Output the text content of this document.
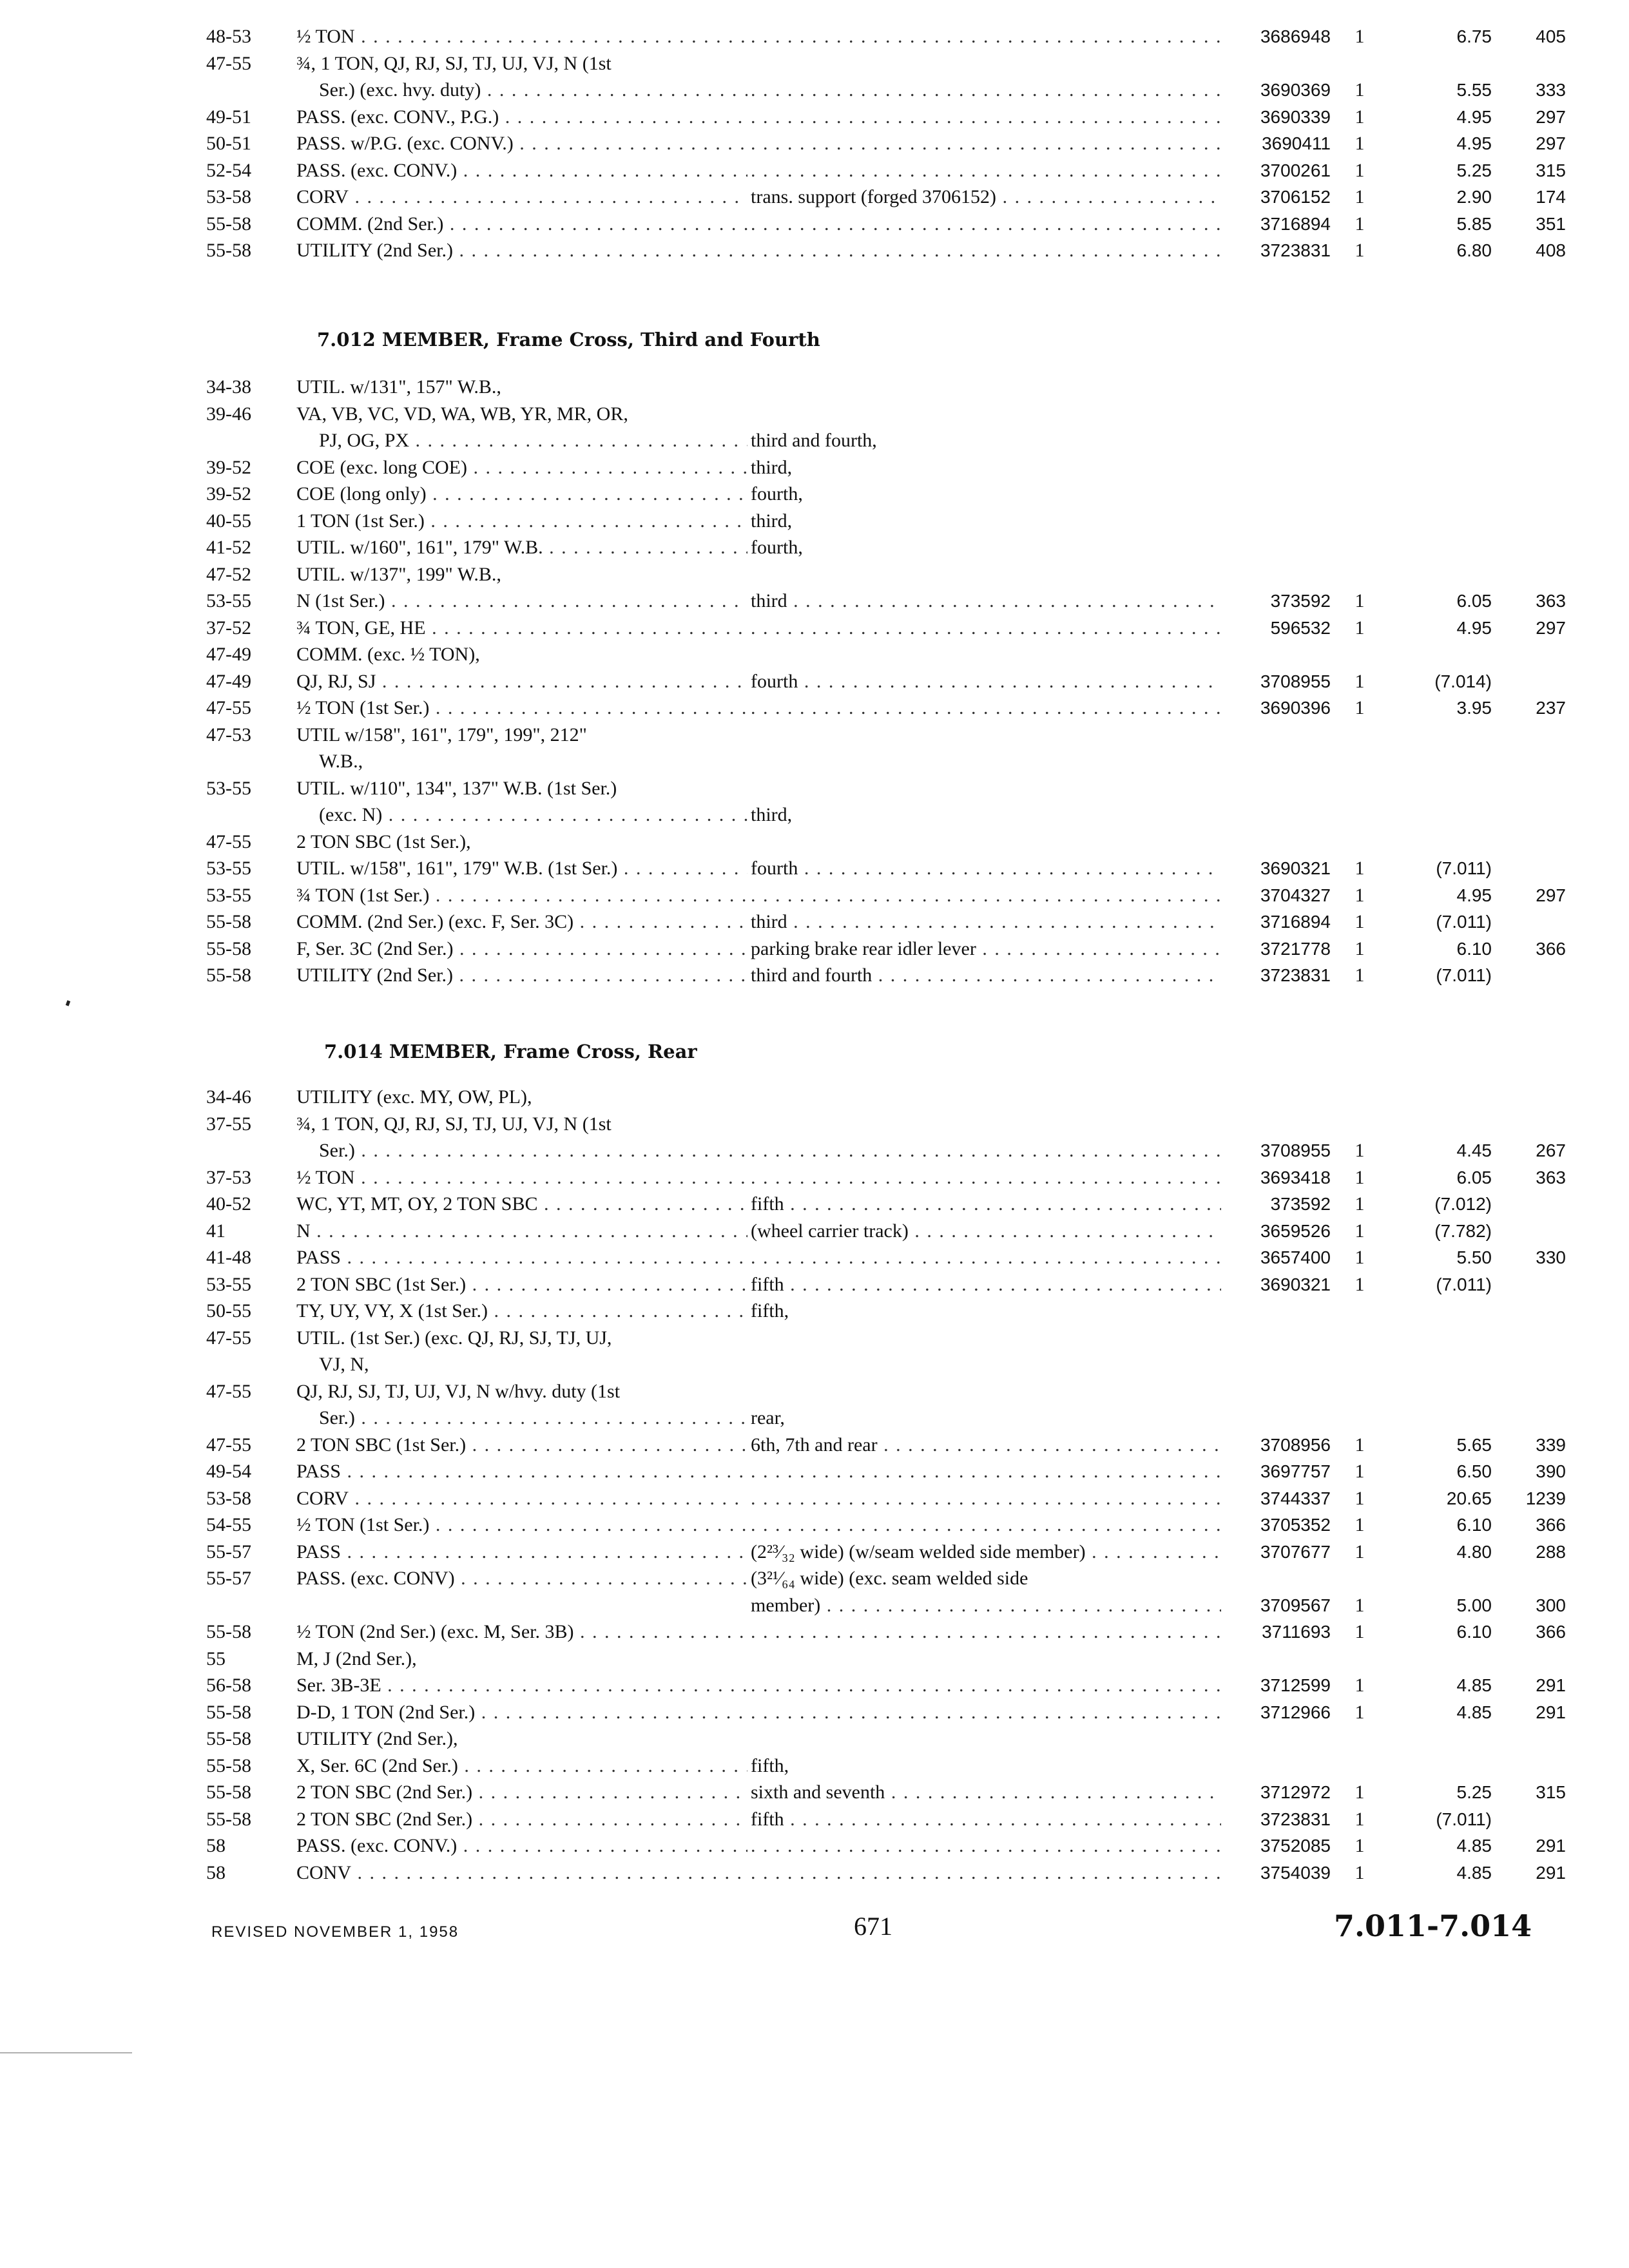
48-53	½ TON . . . . . .	3686948	1	6.75	405
47-55	¾, 1 TON, QJ, RJ, SJ, TJ, UJ, VJ, N (1st
Ser.) (exc. hvy. duty) . . . . . .	3690369	1	5.55	333
49-51	PASS. (exc. CONV., P.G.) . . . . . .	3690339	1	4.95	297
50-51	PASS. w/P.G. (exc. CONV.) . . . . . .	3690411	1	4.95	297
52-54	PASS. (exc. CONV.) . . . . . .	3700261	1	5.25	315
53-58	CORV . . .	trans. support (forged 3706152) . . .	3706152	1	2.90	174
55-58	COMM. (2nd Ser.) . . . . . .	3716894	1	5.85	351
55-58	UTILITY (2nd Ser.) . . . . . .	3723831	1	6.80	408
7.012 MEMBER, Frame Cross, Third and Fourth
34-38	UTIL. w/131", 157" W.B.,
39-46	VA, VB, VC, VD, WA, WB, YR, MR, OR,
PJ, OG, PX . . .	third and fourth,
39-52	COE (exc. long COE) . . .	third,
39-52	COE (long only) . . .	fourth,
40-55	1 TON (1st Ser.) . . .	third,
41-52	UTIL. w/160", 161", 179" W.B. . . .	fourth,
47-52	UTIL. w/137", 199" W.B.,
53-55	N (1st Ser.) . . .	third . . .	373592	1	6.05	363
37-52	¾ TON, GE, HE . . . . . .	596532	1	4.95	297
47-49	COMM. (exc. ½ TON),
47-49	QJ, RJ, SJ . . .	fourth . . .	3708955	1	(7.014)
47-55	½ TON (1st Ser.) . . . . . .	3690396	1	3.95	237
47-53	UTIL w/158", 161", 179", 199", 212"
W.B.,
53-55	UTIL. w/110", 134", 137" W.B. (1st Ser.)
(exc. N) . . .	third,
47-55	2 TON SBC (1st Ser.),
53-55	UTIL. w/158", 161", 179" W.B. (1st Ser.) . . .	fourth . . .	3690321	1	(7.011)
53-55	¾ TON (1st Ser.) . . . . . .	3704327	1	4.95	297
55-58	COMM. (2nd Ser.) (exc. F, Ser. 3C) . . .	third . . .	3716894	1	(7.011)
55-58	F, Ser. 3C (2nd Ser.) . . .	parking brake rear idler lever . . .	3721778	1	6.10	366
55-58	UTILITY (2nd Ser.) . . .	third and fourth . . .	3723831	1	(7.011)
7.014 MEMBER, Frame Cross, Rear
34-46	UTILITY (exc. MY, OW, PL),
37-55	¾, 1 TON, QJ, RJ, SJ, TJ, UJ, VJ, N (1st
Ser.) . . . . . .	3708955	1	4.45	267
37-53	½ TON . . . . . .	3693418	1	6.05	363
40-52	WC, YT, MT, OY, 2 TON SBC . . .	fifth . . .	373592	1	(7.012)
41	N . . .	(wheel carrier track) . . .	3659526	1	(7.782)
41-48	PASS . . . . . .	3657400	1	5.50	330
53-55	2 TON SBC (1st Ser.) . . .	fifth . . .	3690321	1	(7.011)
50-55	TY, UY, VY, X (1st Ser.) . . .	fifth,
47-55	UTIL. (1st Ser.) (exc. QJ, RJ, SJ, TJ, UJ,
VJ, N,
47-55	QJ, RJ, SJ, TJ, UJ, VJ, N w/hvy. duty (1st
Ser.) . . .	rear,
47-55	2 TON SBC (1st Ser.) . . .	6th, 7th and rear . . .	3708956	1	5.65	339
49-54	PASS . . . . . .	3697757	1	6.50	390
53-58	CORV . . . . . .	3744337	1	20.65	1239
54-55	½ TON (1st Ser.) . . . . . .	3705352	1	6.10	366
55-57	PASS . . .	(2²³⁄₃₂ wide) (w/seam welded side member) . . .	3707677	1	4.80	288
55-57	PASS. (exc. CONV) . . .	(3²¹⁄₆₄ wide) (exc. seam welded side
member) . . .	3709567	1	5.00	300
55-58	½ TON (2nd Ser.) (exc. M, Ser. 3B) . . . . . .	3711693	1	6.10	366
55	M, J (2nd Ser.),
56-58	Ser. 3B-3E . . . . . .	3712599	1	4.85	291
55-58	D-D, 1 TON (2nd Ser.) . . . . . .	3712966	1	4.85	291
55-58	UTILITY (2nd Ser.),
55-58	X, Ser. 6C (2nd Ser.) . . .	fifth,
55-58	2 TON SBC (2nd Ser.) . . .	sixth and seventh . . .	3712972	1	5.25	315
55-58	2 TON SBC (2nd Ser.) . . .	fifth . . .	3723831	1	(7.011)
58	PASS. (exc. CONV.) . . . . . .	3752085	1	4.85	291
58	CONV . . . . . .	3754039	1	4.85	291
REVISED NOVEMBER 1, 1958	671	7.011-7.014
